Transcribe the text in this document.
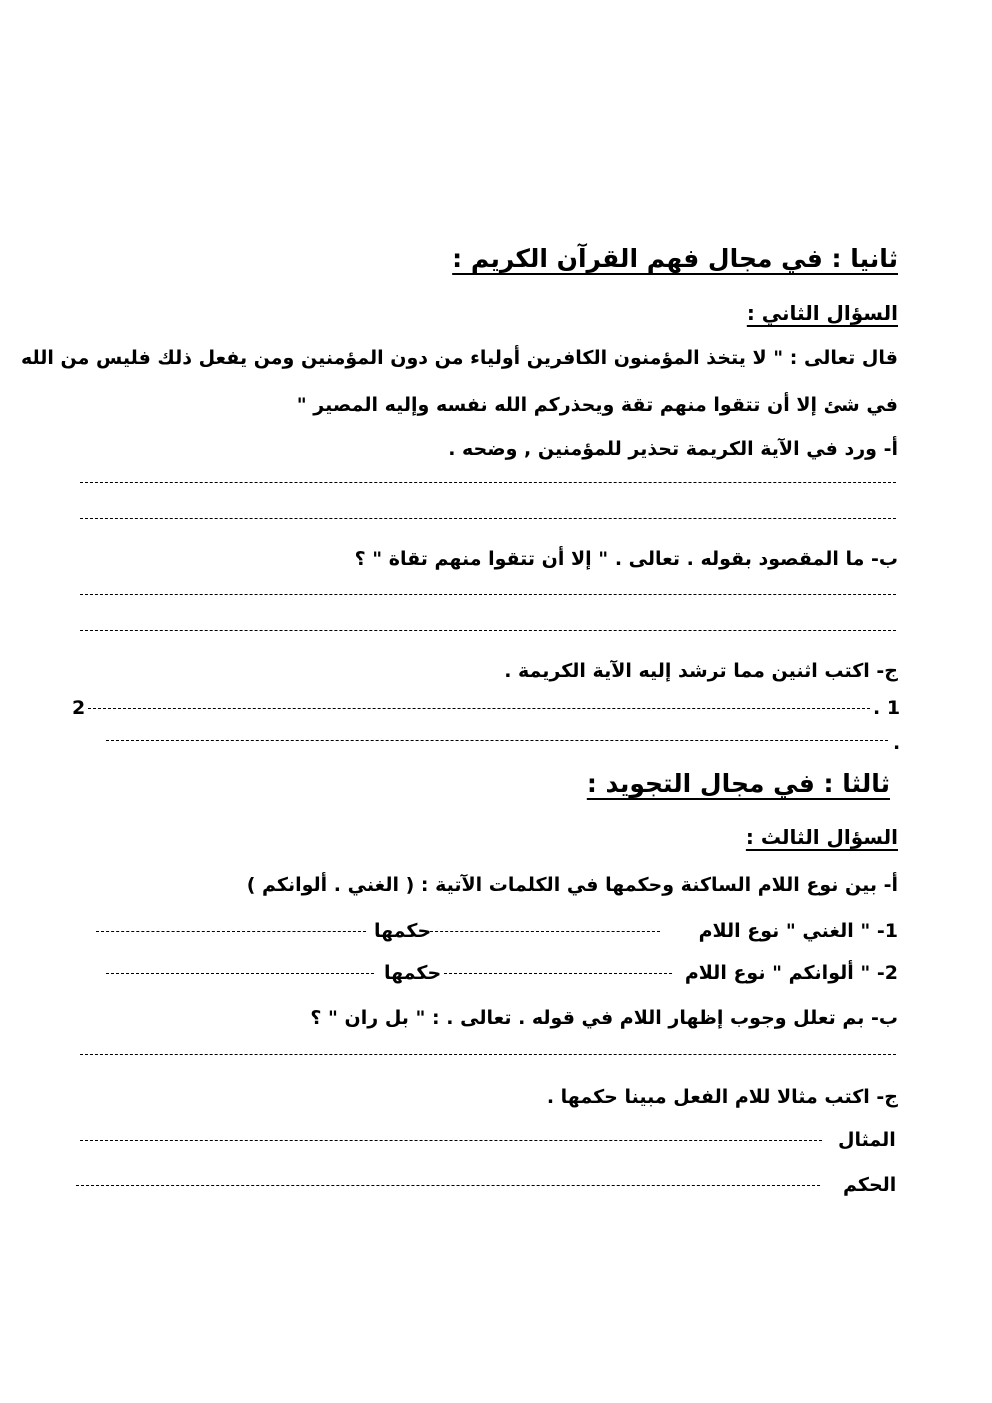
ثانيا : في مجال فهم القرآن الكريم :
السؤال الثاني :
قال تعالى : " لا يتخذ المؤمنون الكافرين أولياء من دون المؤمنين ومن يفعل ذلك فليس من الله
في شئ إلا أن تتقوا منهم تقة ويحذركم الله نفسه وإليه المصير "
أ- ورد في الآية الكريمة تحذير للمؤمنين , وضحه .
ب- ما المقصود بقوله . تعالى . " إلا أن تتقوا منهم تقاة " ؟
ج- اكتب اثنين مما ترشد إليه الآية الكريمة .
2	1 .
.
ثالثا : في مجال التجويد :
السؤال الثالث :
أ- بين نوع اللام الساكنة وحكمها في الكلمات الآتية : ( الغني . ألوانكم )
1- " الغني " نوع اللام
حكمها
2- " ألوانكم " نوع اللام
حكمها
ب- بم تعلل وجوب إظهار اللام في قوله . تعالى . : " بل ران " ؟
ج- اكتب مثالا للام الفعل مبينا حكمها .
المثال
الحكم
